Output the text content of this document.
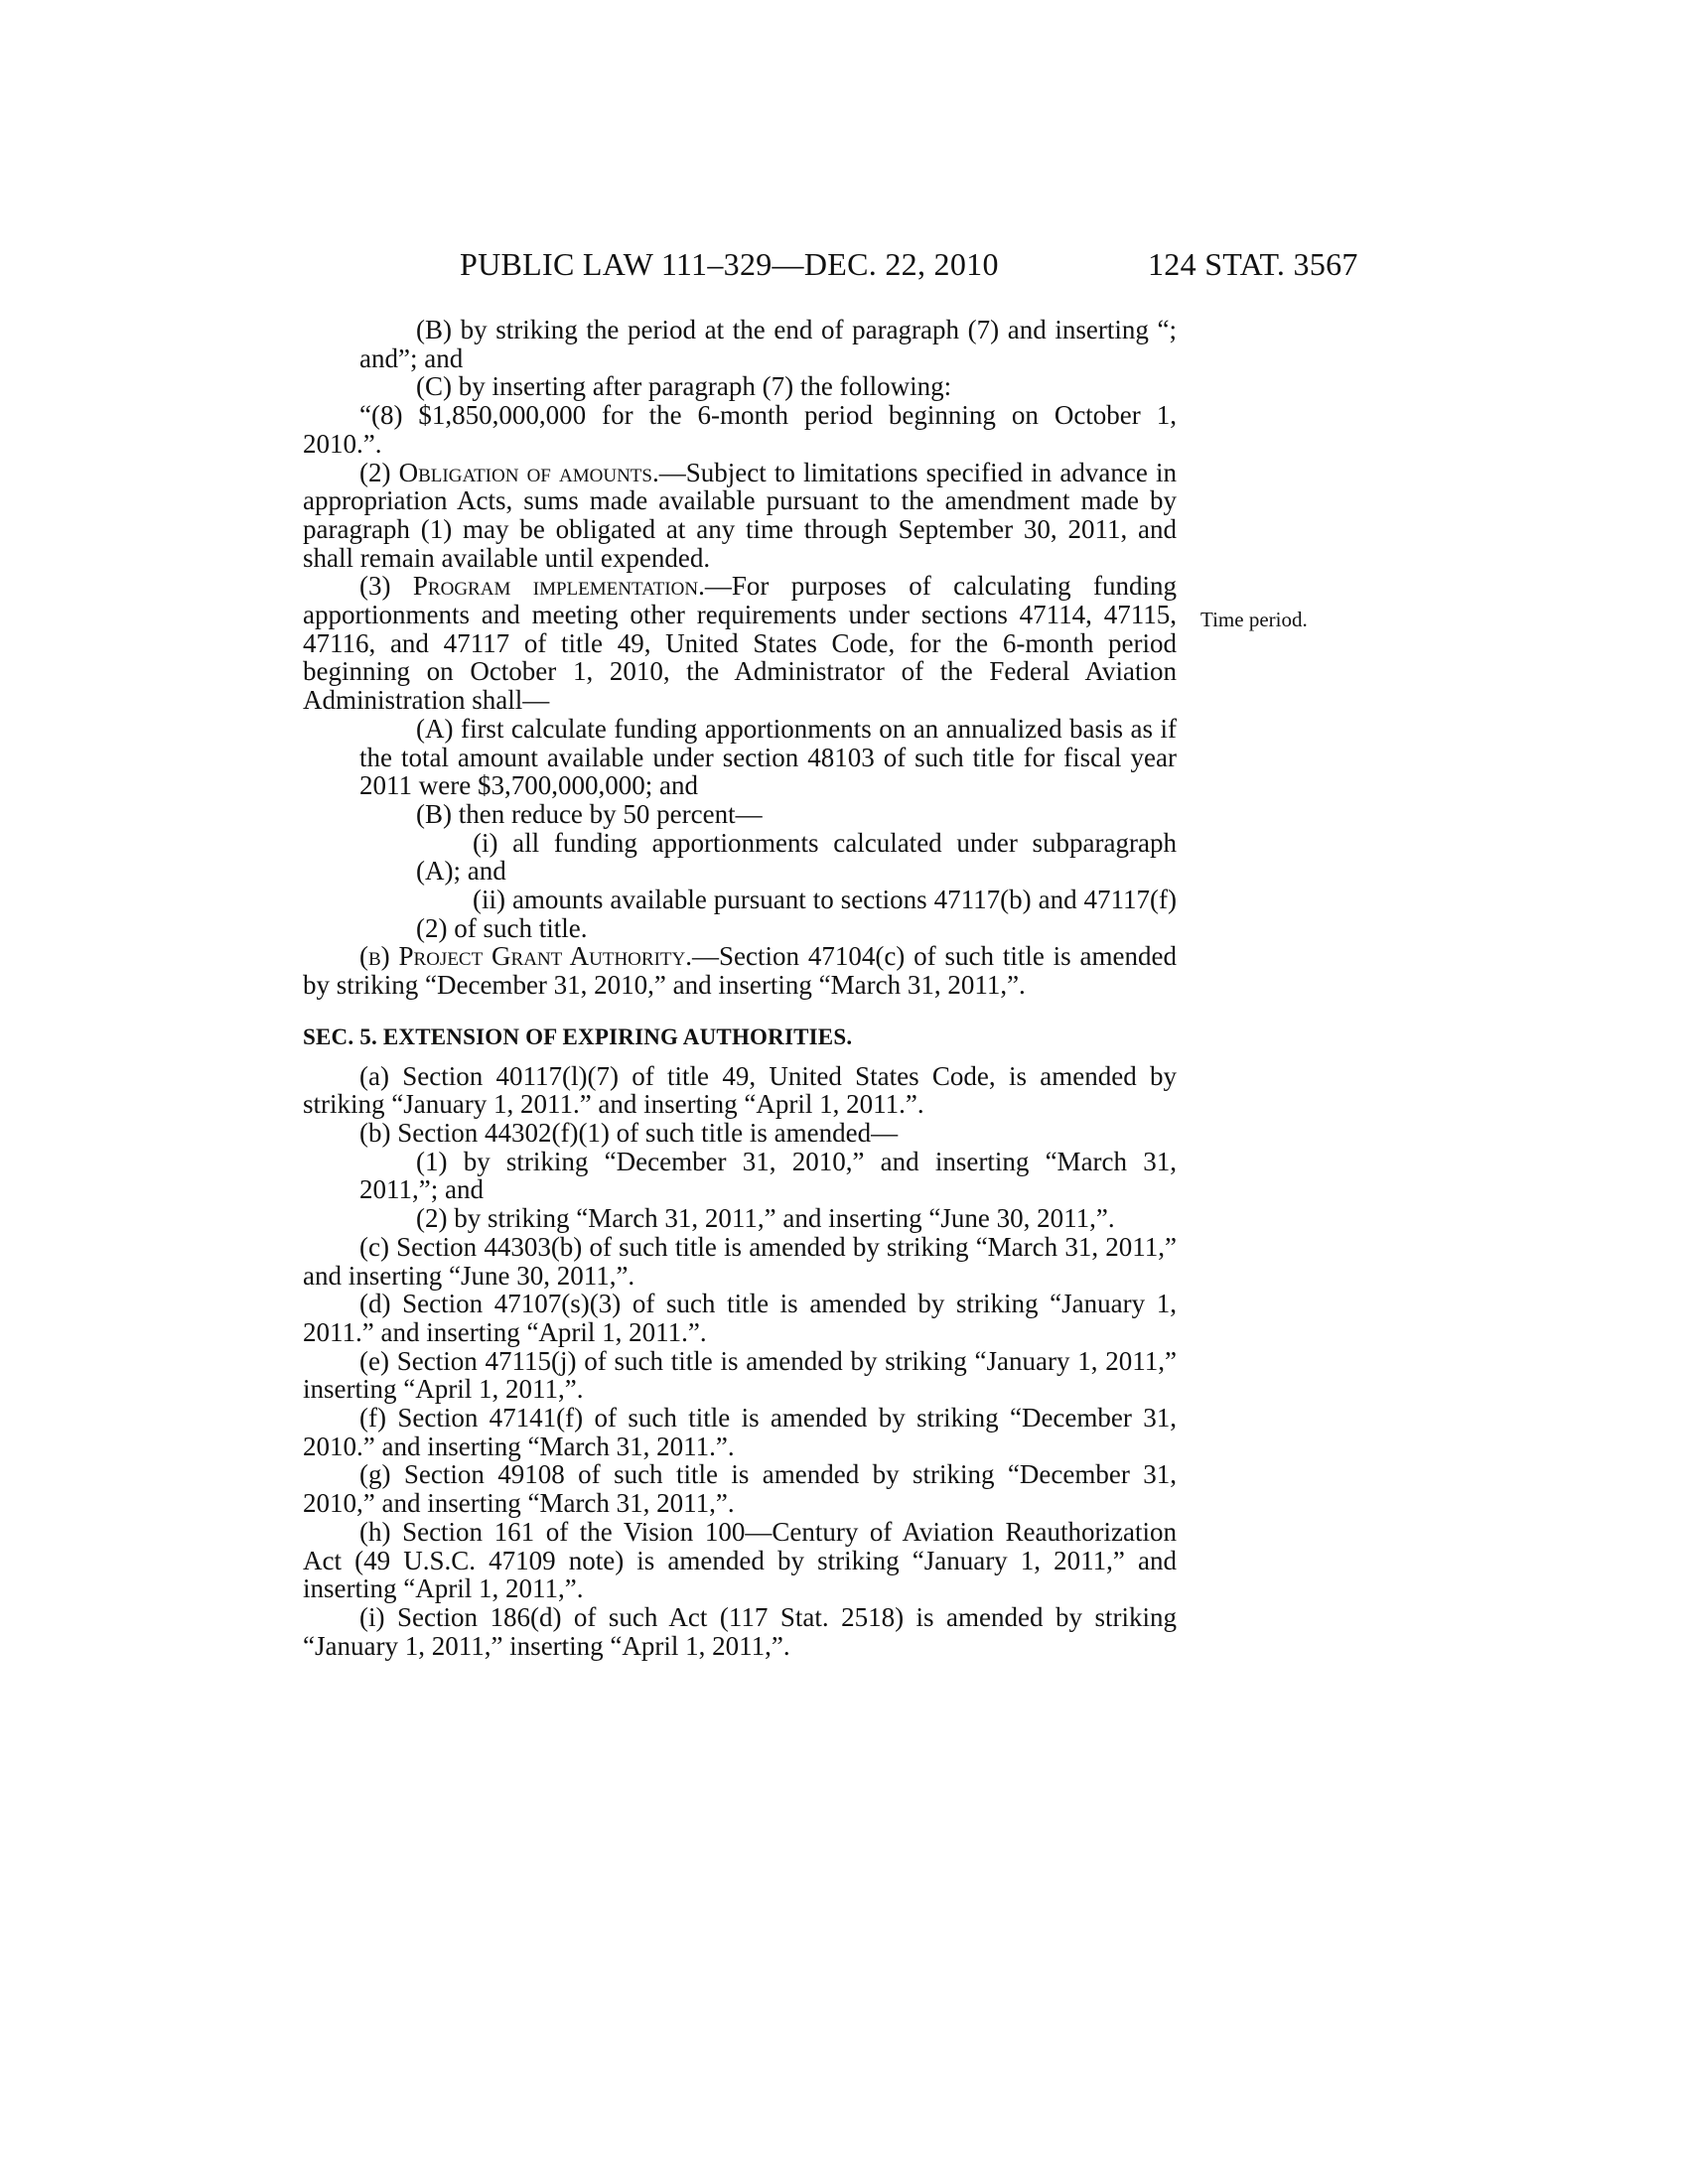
PUBLIC LAW 111–329—DEC. 22, 2010	124 STAT. 3567
Time period.

(B) by striking the period at the end of paragraph (7) and inserting “; and”; and

(C) by inserting after paragraph (7) the following:

“(8) $1,850,000,000 for the 6-month period beginning on October 1, 2010.”.

(2) Obligation of amounts.—Subject to limitations specified in advance in appropriation Acts, sums made available pursuant to the amendment made by paragraph (1) may be obligated at any time through September 30, 2011, and shall remain available until expended.

(3) Program implementation.—For purposes of calculating funding apportionments and meeting other requirements under sections 47114, 47115, 47116, and 47117 of title 49, United States Code, for the 6-month period beginning on October 1, 2010, the Administrator of the Federal Aviation Administration shall—

(A) first calculate funding apportionments on an annualized basis as if the total amount available under section 48103 of such title for fiscal year 2011 were $3,700,000,000; and

(B) then reduce by 50 percent—

(i) all funding apportionments calculated under subparagraph (A); and

(ii) amounts available pursuant to sections 47117(b) and 47117(f)(2) of such title.

(b) Project Grant Authority.—Section 47104(c) of such title is amended by striking “December 31, 2010,” and inserting “March 31, 2011,”.

SEC. 5. EXTENSION OF EXPIRING AUTHORITIES.

(a) Section 40117(l)(7) of title 49, United States Code, is amended by striking “January 1, 2011.” and inserting “April 1, 2011.”.

(b) Section 44302(f)(1) of such title is amended—

(1) by striking “December 31, 2010,” and inserting “March 31, 2011,”; and

(2) by striking “March 31, 2011,” and inserting “June 30, 2011,”.

(c) Section 44303(b) of such title is amended by striking “March 31, 2011,” and inserting “June 30, 2011,”.

(d) Section 47107(s)(3) of such title is amended by striking “January 1, 2011.” and inserting “April 1, 2011.”.

(e) Section 47115(j) of such title is amended by striking “January 1, 2011,” inserting “April 1, 2011,”.

(f) Section 47141(f) of such title is amended by striking “December 31, 2010.” and inserting “March 31, 2011.”.

(g) Section 49108 of such title is amended by striking “December 31, 2010,” and inserting “March 31, 2011,”.

(h) Section 161 of the Vision 100—Century of Aviation Reauthorization Act (49 U.S.C. 47109 note) is amended by striking “January 1, 2011,” and inserting “April 1, 2011,”.

(i) Section 186(d) of such Act (117 Stat. 2518) is amended by striking “January 1, 2011,” inserting “April 1, 2011,”.
